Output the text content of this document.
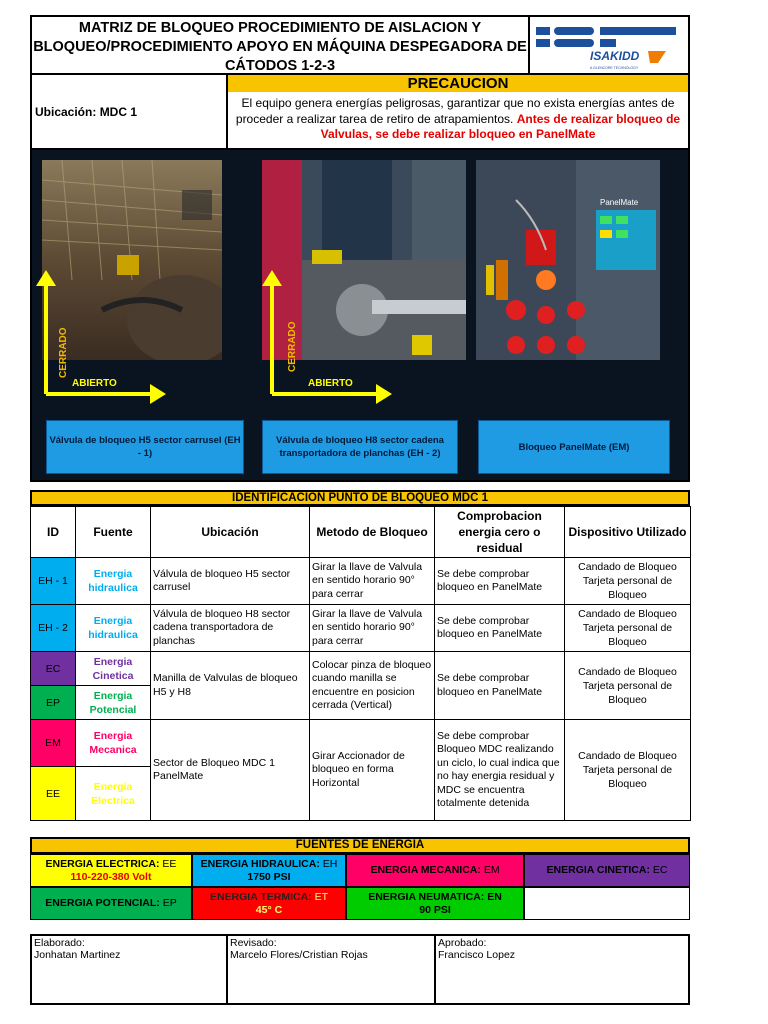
MATRIZ DE BLOQUEO PROCEDIMIENTO DE AISLACION Y BLOQUEO/PROCEDIMIENTO APOYO EN MÁQUINA DESPEGADORA DE CÁTODOS 1-2-3
ISAKIDD
A GLENCORE TECHNOLOGY
Ubicación:
MDC 1
PRECAUCION
El equipo genera energías peligrosas, garantizar que no exista energías antes de proceder a realizar tarea de retiro de atrapamientos. Antes de realizar bloqueo de Valvulas, se debe realizar bloqueo en PanelMate
PanelMate
CERRADO
ABIERTO
CERRADO
ABIERTO
Válvula de bloqueo H5 sector carrusel (EH - 1)
Válvula de bloqueo H8 sector cadena transportadora de planchas (EH - 2)
Bloqueo PanelMate (EM)
IDENTIFICACION PUNTO DE BLOQUEO MDC 1
ID	Fuente	Ubicación	Metodo de Bloqueo	Comprobacion energia cero o residual	Dispositivo Utilizado
EH - 1	Energia hidraulica	Válvula de bloqueo H5 sector carrusel	Girar la llave de Valvula en sentido horario 90° para cerrar	Se debe comprobar bloqueo en PanelMate	Candado de Bloqueo Tarjeta personal de Bloqueo
EH - 2	Energia hidraulica	Válvula de bloqueo H8 sector cadena transportadora de planchas	Girar la llave de Valvula en sentido horario 90° para cerrar	Se debe comprobar bloqueo en PanelMate	Candado de Bloqueo Tarjeta personal de Bloqueo
EC	Energia Cinetica	Manilla de Valvulas de bloqueo H5 y H8	Colocar pinza de bloqueo cuando manilla se encuentre en posicion cerrada (Vertical)	Se debe comprobar bloqueo en PanelMate	Candado de Bloqueo Tarjeta personal de Bloqueo
EP	Energia Potencial				
EM	Energia Mecanica	Sector de Bloqueo MDC 1 PanelMate	Girar Accionador de bloqueo en forma Horizontal	Se debe comprobar Bloqueo MDC realizando un ciclo, lo cual indica que no hay energia residual y MDC se encuentra totalmente detenida	Candado de Bloqueo Tarjeta personal de Bloqueo
EE	Energia Electrica				
FUENTES DE ENERGIA
ENERGIA ELECTRICA: EE
110-220-380 Volt
ENERGIA HIDRAULICA: EH
1750 PSI
ENERGIA MECANICA:
EM	ENERGIA CINETICA:
EC
ENERGIA POTENCIAL:
EP
ENERGIA TERMICA: ET
45° C
ENERGIA NEUMATICA: EN
90 PSI
Elaborado:
Jonhatan Martinez
Revisado:
Marcelo Flores/Cristian Rojas
Aprobado:
Francisco Lopez
